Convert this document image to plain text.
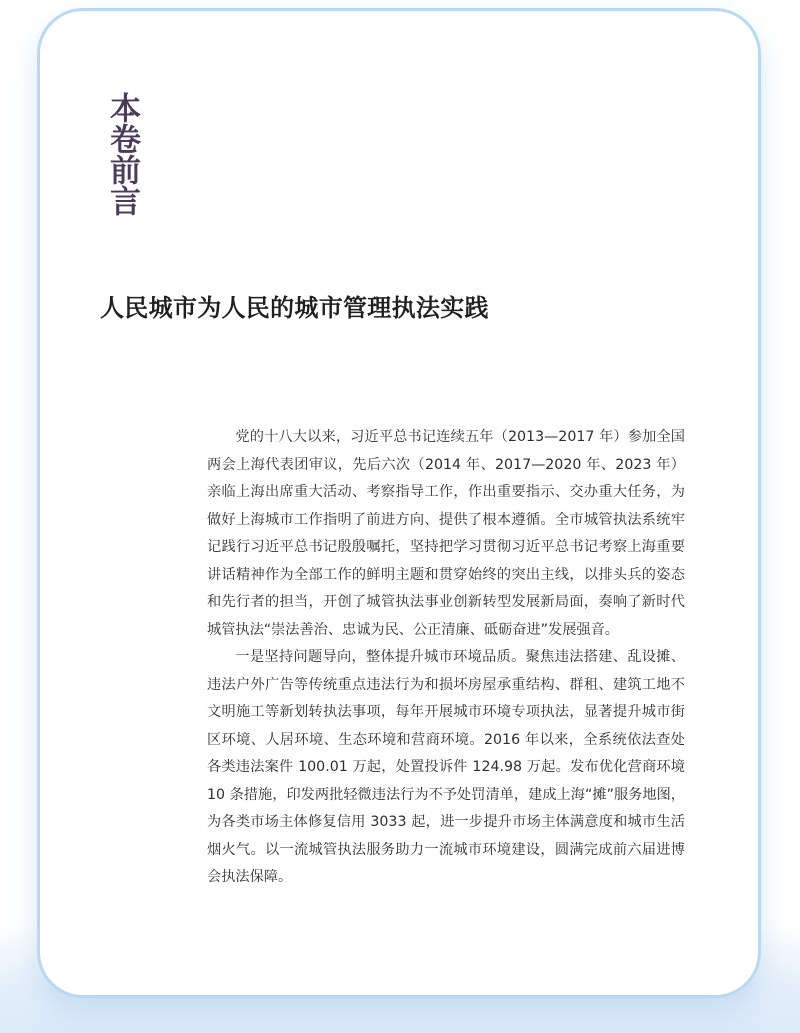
本卷前言
人民城市为人民的城市管理执法实践

党的十八大以来，习近平总书记连续五年（2013—2017 年）参加全国两会上海代表团审议，先后六次（2014 年、2017—2020 年、2023 年）亲临上海出席重大活动、考察指导工作，作出重要指示、交办重大任务，为做好上海城市工作指明了前进方向、提供了根本遵循。全市城管执法系统牢记践行习近平总书记殷殷嘱托，坚持把学习贯彻习近平总书记考察上海重要讲话精神作为全部工作的鲜明主题和贯穿始终的突出主线，以排头兵的姿态和先行者的担当，开创了城管执法事业创新转型发展新局面，奏响了新时代城管执法“崇法善治、忠诚为民、公正清廉、砥砺奋进”发展强音。

一是坚持问题导向，整体提升城市环境品质。聚焦违法搭建、乱设摊、违法户外广告等传统重点违法行为和损坏房屋承重结构、群租、建筑工地不文明施工等新划转执法事项，每年开展城市环境专项执法，显著提升城市街区环境、人居环境、生态环境和营商环境。2016 年以来，全系统依法查处各类违法案件 100.01 万起，处置投诉件 124.98 万起。发布优化营商环境 10 条措施，印发两批轻微违法行为不予处罚清单，建成上海“摊”服务地图，为各类市场主体修复信用 3033 起，进一步提升市场主体满意度和城市生活烟火气。以一流城管执法服务助力一流城市环境建设，圆满完成前六届进博会执法保障。
